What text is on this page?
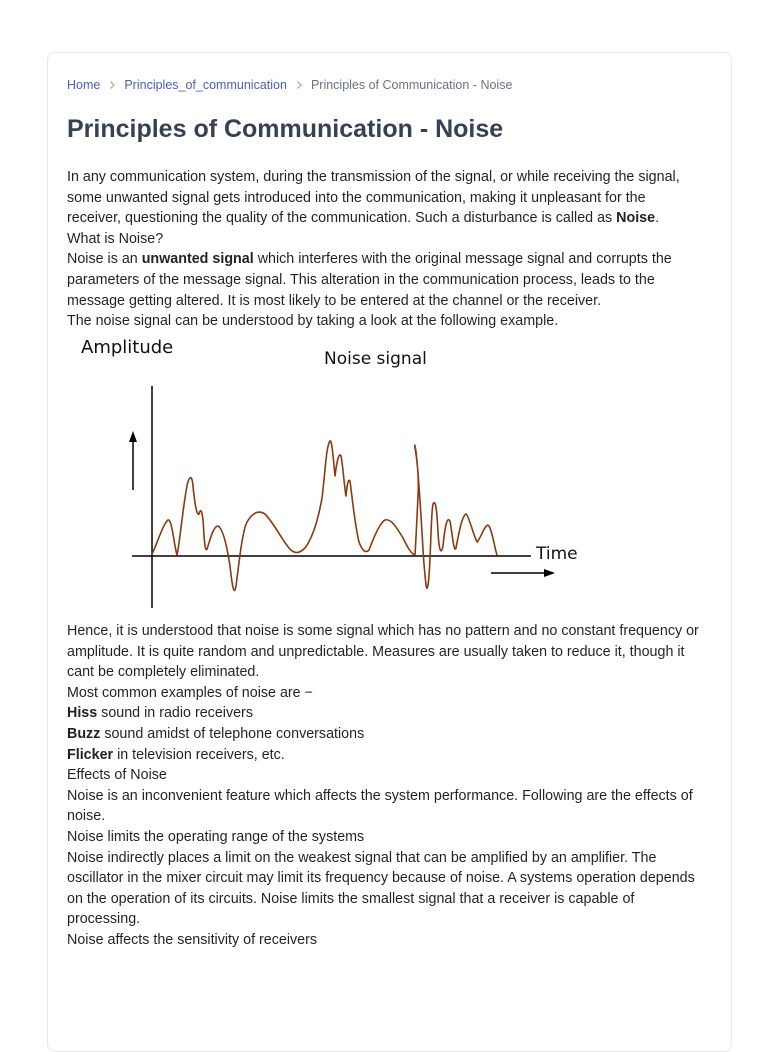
Home Principles_of_communication Principles of Communication - Noise
Principles of Communication - Noise
In any communication system, during the transmission of the signal, or while receiving the signal,
some unwanted signal gets introduced into the communication, making it unpleasant for the
receiver, questioning the quality of the communication. Such a disturbance is called as Noise.
What is Noise?
Noise is an unwanted signal which interferes with the original message signal and corrupts the
parameters of the message signal. This alteration in the communication process, leads to the
message getting altered. It is most likely to be entered at the channel or the receiver.
The noise signal can be understood by taking a look at the following example.
Amplitude
Noise signal
Time
Hence, it is understood that noise is some signal which has no pattern and no constant frequency or
amplitude. It is quite random and unpredictable. Measures are usually taken to reduce it, though it
cant be completely eliminated.
Most common examples of noise are −
Hiss sound in radio receivers
Buzz sound amidst of telephone conversations
Flicker in television receivers, etc.
Effects of Noise
Noise is an inconvenient feature which affects the system performance. Following are the effects of
noise.
Noise limits the operating range of the systems
Noise indirectly places a limit on the weakest signal that can be amplified by an amplifier. The
oscillator in the mixer circuit may limit its frequency because of noise. A systems operation depends
on the operation of its circuits. Noise limits the smallest signal that a receiver is capable of
processing.
Noise affects the sensitivity of receivers
